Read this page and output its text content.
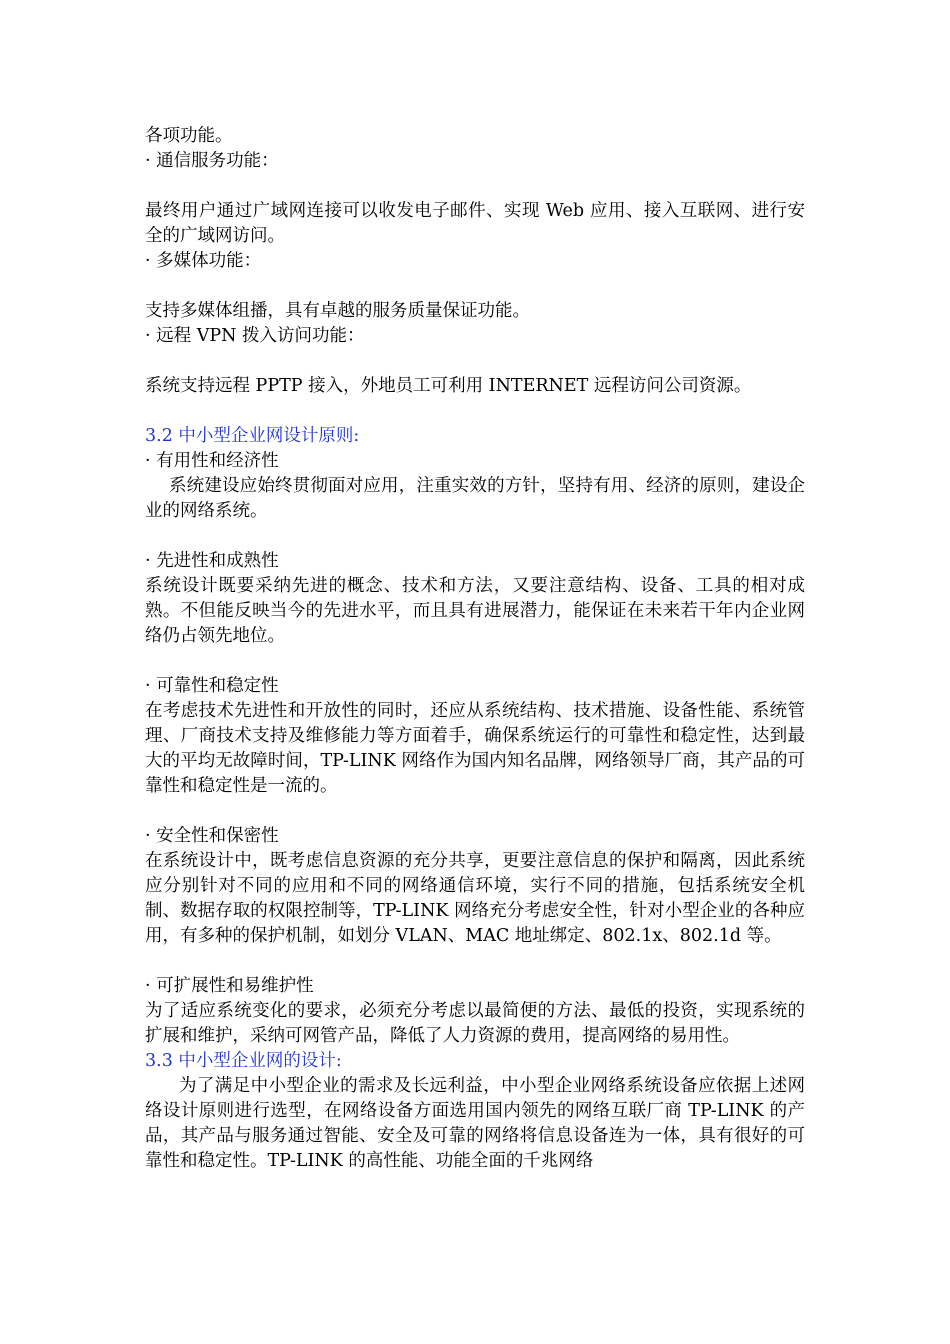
各项功能。

· 通信服务功能：

最终用户通过广域网连接可以收发电子邮件、实现 Web 应用、接入互联网、进行安全的广域网访问。

· 多媒体功能：

支持多媒体组播，具有卓越的服务质量保证功能。

· 远程 VPN 拨入访问功能：

系统支持远程 PPTP 接入，外地员工可利用 INTERNET 远程访问公司资源。

3.2 中小型企业网设计原则:

· 有用性和经济性

系统建设应始终贯彻面对应用，注重实效的方针，坚持有用、经济的原则，建设企业的网络系统。

· 先进性和成熟性

系统设计既要采纳先进的概念、技术和方法，又要注意结构、设备、工具的相对成熟。不但能反映当今的先进水平，而且具有进展潜力，能保证在未来若干年内企业网络仍占领先地位。

· 可靠性和稳定性

在考虑技术先进性和开放性的同时，还应从系统结构、技术措施、设备性能、系统管理、厂商技术支持及维修能力等方面着手，确保系统运行的可靠性和稳定性，达到最大的平均无故障时间，TP-LINK 网络作为国内知名品牌，网络领导厂商，其产品的可靠性和稳定性是一流的。

· 安全性和保密性

在系统设计中，既考虑信息资源的充分共享，更要注意信息的保护和隔离，因此系统应分别针对不同的应用和不同的网络通信环境，实行不同的措施，包括系统安全机制、数据存取的权限控制等，TP-LINK 网络充分考虑安全性，针对小型企业的各种应用，有多种的保护机制，如划分 VLAN、MAC 地址绑定、802.1x、802.1d 等。

· 可扩展性和易维护性

为了适应系统变化的要求，必须充分考虑以最简便的方法、最低的投资，实现系统的扩展和维护，采纳可网管产品，降低了人力资源的费用，提高网络的易用性。

3.3 中小型企业网的设计:

为了满足中小型企业的需求及长远利益，中小型企业网络系统设备应依据上述网络设计原则进行选型，在网络设备方面选用国内领先的网络互联厂商 TP-LINK 的产品，其产品与服务通过智能、安全及可靠的网络将信息设备连为一体，具有很好的可靠性和稳定性。TP-LINK 的高性能、功能全面的千兆网络
